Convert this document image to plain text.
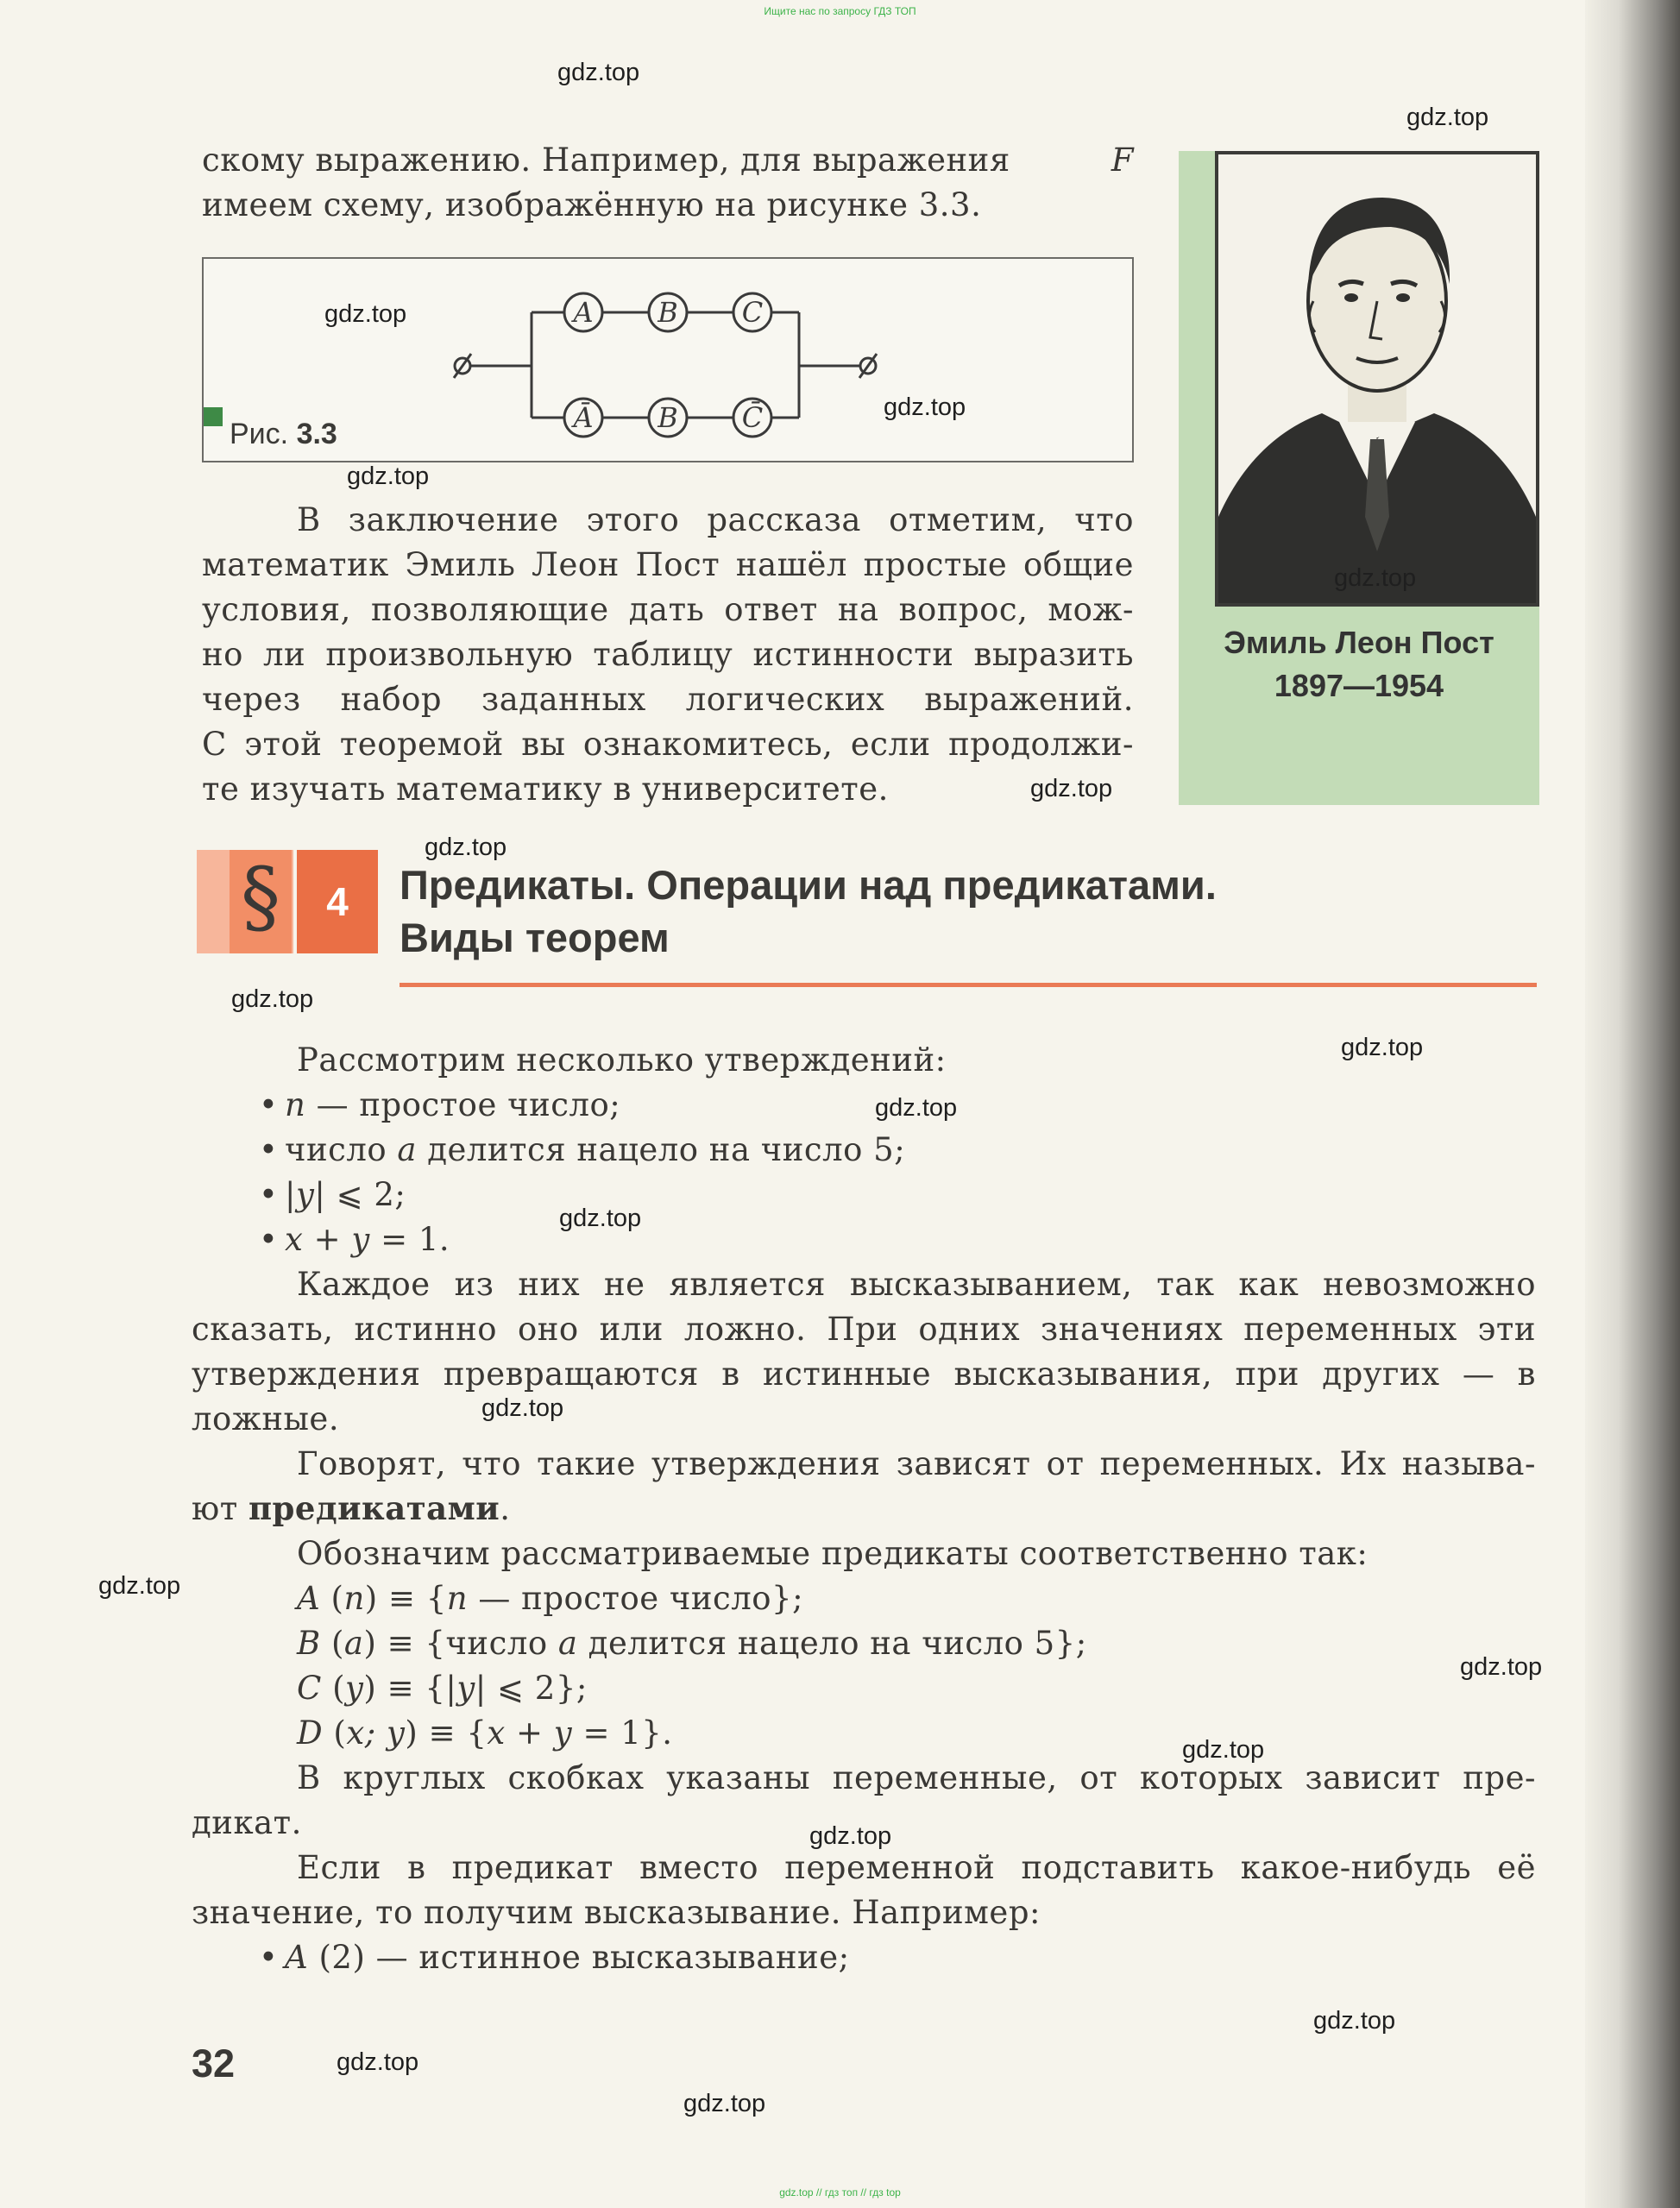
Ищите нас по запросу ГДЗ ТОП
gdz.top // гдз топ // гдз top
скому выражению. Например, для выражения	F
имеем схему, изображённую на рисунке 3.3.
A B C
Ā B C̄
Рис. 3.3
В заключение этого рассказа отметим, что
математик Эмиль Леон Пост нашёл простые общие
условия, позволяющие дать ответ на вопрос, мож-
но ли произвольную таблицу истинности выразить
через набор заданных логических выражений.
С этой теоремой вы ознакомитесь, если продолжи-
те изучать математику в университете.
Эмиль Леон Пост
1897—1954
§	4	Предикаты. Операции над предикатами.
Виды теорем
Рассмотрим несколько утверждений:
• n — простое число;
• число a делится нацело на число 5;
• |y| ⩽ 2;
• x + y = 1.
Каждое из них не является высказыванием, так как невозможно
сказать, истинно оно или ложно. При одних значениях переменных эти
утверждения превращаются в истинные высказывания, при других — в
ложные.
Говорят, что такие утверждения зависят от переменных. Их называ-
ют предикатами.
Обозначим рассматриваемые предикаты соответственно так:
A (n) ≡ {n — простое число};
B (a) ≡ {число a делится нацело на число 5};
C (y) ≡ {|y| ⩽ 2};
D (x; y) ≡ {x + y = 1}.
В круглых скобках указаны переменные, от которых зависит пре-
дикат.
Если в предикат вместо переменной подставить какое-нибудь её
значение, то получим высказывание. Например:
• A (2) — истинное высказывание;
32
gdz.top
gdz.top
gdz.top
gdz.top
gdz.top
gdz.top
gdz.top
gdz.top
gdz.top
gdz.top
gdz.top
gdz.top
gdz.top
gdz.top
gdz.top
gdz.top
gdz.top
gdz.top
gdz.top
gdz.top
